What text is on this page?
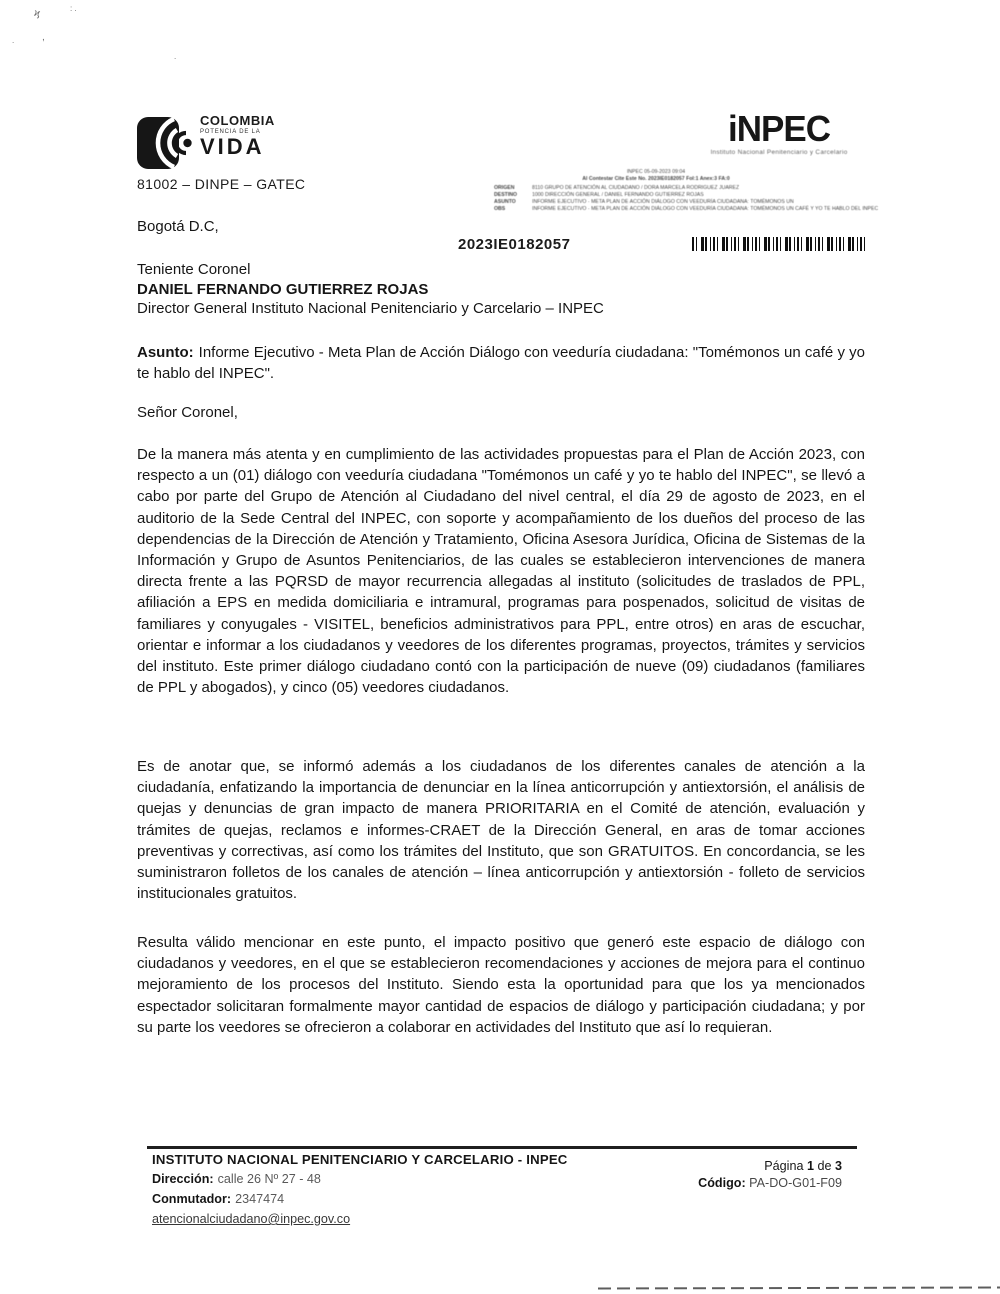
ϗ	: .
,
.
.
COLOMBIA
POTENCIA DE LA
VIDA
81002 – DINPE – GATEC
iNPEC
Instituto Nacional Penitenciario y Carcelario
Bogotá D.C,
INPEC 05-09-2023 09:04
Al Contestar Cite Este No. 2023IE0182057 Fol:1 Anex:3 FA:0
ORIGEN	8110 GRUPO DE ATENCIÓN AL CIUDADANO / DORA MARCELA RODRIGUEZ JUAREZ
DESTINO	1000 DIRECCIÓN GENERAL / DANIEL FERNANDO GUTIERREZ ROJAS
ASUNTO	INFORME EJECUTIVO - META PLAN DE ACCIÓN DIÁLOGO CON VEEDURÍA CIUDADANA: TOMÉMONOS UN
OBS	INFORME EJECUTIVO - META PLAN DE ACCIÓN DIÁLOGO CON VEEDURÍA CIUDADANA: TOMÉMONOS UN CAFÉ Y YO TE HABLO DEL INPEC
2023IE0182057
Teniente Coronel
DANIEL FERNANDO GUTIERREZ ROJAS
Director General Instituto Nacional Penitenciario y Carcelario – INPEC
Asunto: Informe Ejecutivo - Meta Plan de Acción Diálogo con veeduría ciudadana: "Tomémonos un café y yo te hablo del INPEC".
Señor Coronel,

De la manera más atenta y en cumplimiento de las actividades propuestas para el Plan de Acción 2023, con respecto a un (01) diálogo con veeduría ciudadana "Tomémonos un café y yo te hablo del INPEC", se llevó a cabo por parte del Grupo de Atención al Ciudadano del nivel central, el día 29 de agosto de 2023, en el auditorio de la Sede Central del INPEC, con soporte y acompañamiento de los dueños del proceso de las dependencias de la Dirección de Atención y Tratamiento, Oficina Asesora Jurídica, Oficina de Sistemas de la Información y Grupo de Asuntos Penitenciarios, de las cuales se establecieron intervenciones de manera directa frente a las PQRSD de mayor recurrencia allegadas al instituto (solicitudes de traslados de PPL, afiliación a EPS en medida domiciliaria e intramural, programas para pospenados, solicitud de visitas de familiares y conyugales - VISITEL, beneficios administrativos para PPL, entre otros) en aras de escuchar, orientar e informar a los ciudadanos y veedores de los diferentes programas, proyectos, trámites y servicios del instituto. Este primer diálogo ciudadano contó con la participación de nueve (09) ciudadanos (familiares de PPL y abogados), y cinco (05) veedores ciudadanos.

Es de anotar que, se informó además a los ciudadanos de los diferentes canales de atención a la ciudadanía, enfatizando la importancia de denunciar en la línea anticorrupción y antiextorsión, el análisis de quejas y denuncias de gran impacto de manera PRIORITARIA en el Comité de atención, evaluación y trámites de quejas, reclamos e informes-CRAET de la Dirección General, en aras de tomar acciones preventivas y correctivas, así como los trámites del Instituto, que son GRATUITOS. En concordancia, se les suministraron folletos de los canales de atención – línea anticorrupción y antiextorsión - folleto de servicios institucionales gratuitos.

Resulta válido mencionar en este punto, el impacto positivo que generó este espacio de diálogo con ciudadanos y veedores, en el que se establecieron recomendaciones y acciones de mejora para el continuo mejoramiento de los procesos del Instituto. Siendo esta la oportunidad para que los ya mencionados espectador solicitaran formalmente mayor cantidad de espacios de diálogo y participación ciudadana; y por su parte los veedores se ofrecieron a colaborar en actividades del Instituto que así lo requieran.

INSTITUTO NACIONAL PENITENCIARIO Y CARCELARIO - INPEC
Dirección: calle 26 Nº 27 - 48
Conmutador: 2347474
atencionalciudadano@inpec.gov.co
Página 1 de 3
Código: PA-DO-G01-F09
